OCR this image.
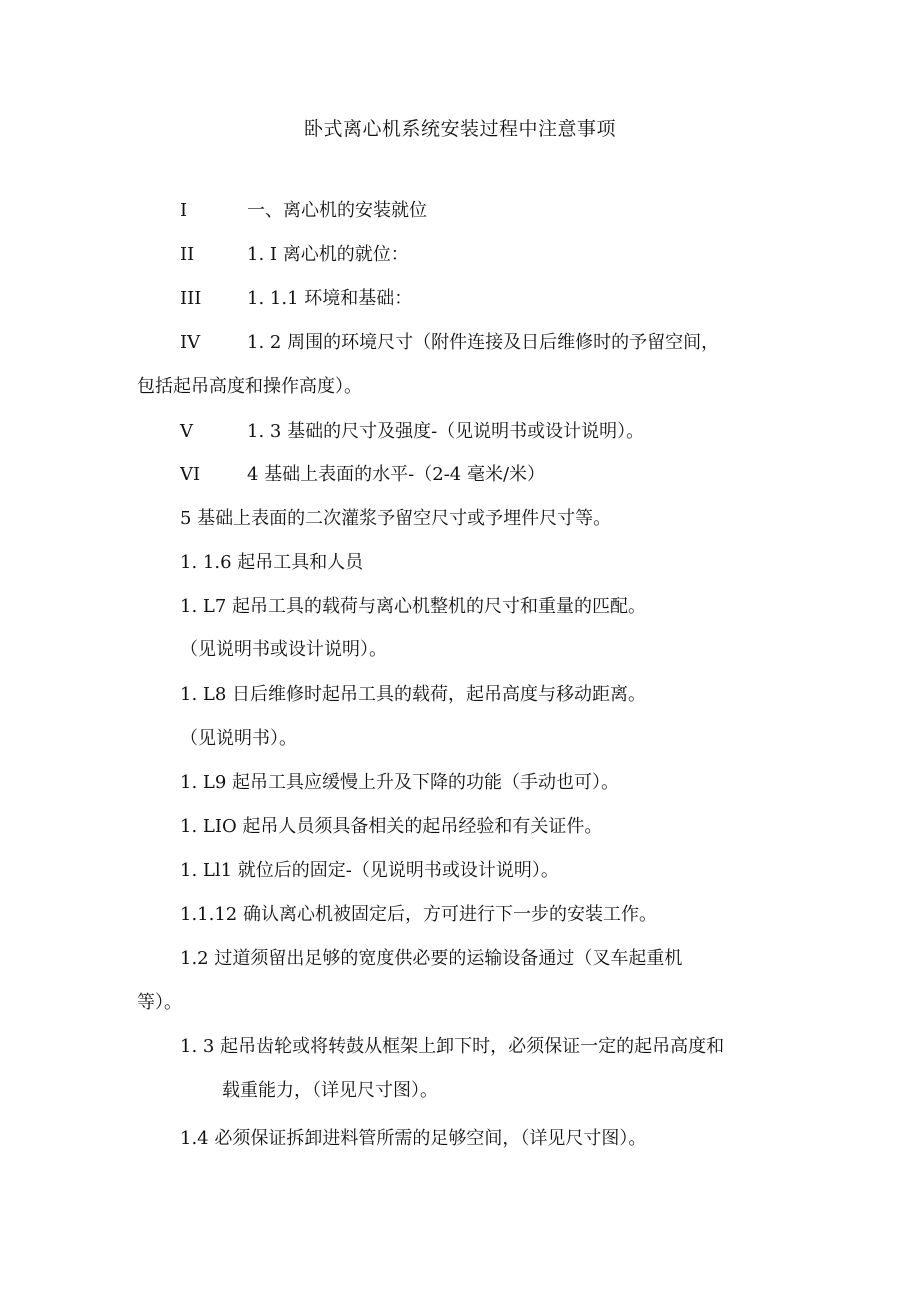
卧式离心机系统安装过程中注意事项
I	一、离心机的安装就位
II	1. I 离心机的就位：
III	1. 1.1 环境和基础：
IV	1. 2 周围的环境尺寸（附件连接及日后维修时的予留空间，
包括起吊高度和操作高度）。
V	1. 3 基础的尺寸及强度-（见说明书或设计说明）。
VI	4 基础上表面的水平-（2-4 毫米/米）
5 基础上表面的二次灌浆予留空尺寸或予埋件尺寸等。
1. 1.6 起吊工具和人员
1. L7 起吊工具的载荷与离心机整机的尺寸和重量的匹配。
（见说明书或设计说明）。
1. L8 日后维修时起吊工具的载荷，起吊高度与移动距离。
（见说明书）。
1. L9 起吊工具应缓慢上升及下降的功能（手动也可）。
1. LIO 起吊人员须具备相关的起吊经验和有关证件。
1. Ll1 就位后的固定-（见说明书或设计说明）。
1.1.12 确认离心机被固定后，方可进行下一步的安装工作。
1.2 过道须留出足够的宽度供必要的运输设备通过（叉车起重机
等）。
1. 3 起吊齿轮或将转鼓从框架上卸下时，必须保证一定的起吊高度和
载重能力，（详见尺寸图）。
1.4 必须保证拆卸进料管所需的足够空间，（详见尺寸图）。
